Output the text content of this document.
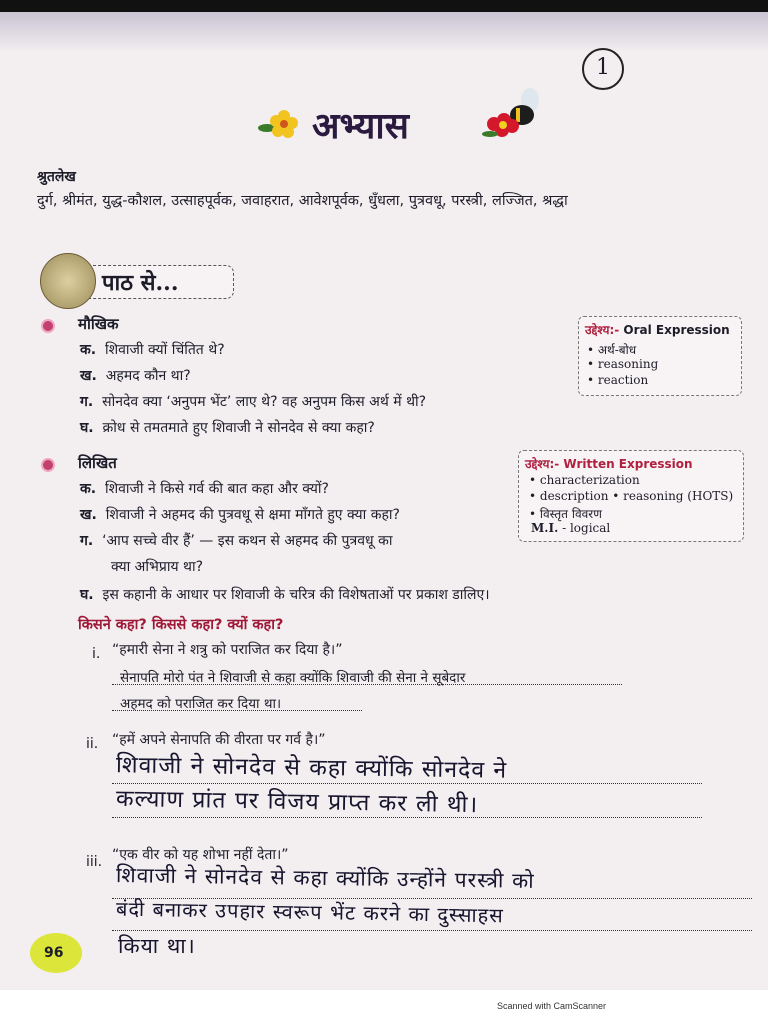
1
अभ्यास
श्रुतलेख
दुर्ग, श्रीमंत, युद्ध-कौशल, उत्साहपूर्वक, जवाहरात, आवेशपूर्वक, धुँधला, पुत्रवधू, परस्त्री, लज्जित, श्रद्धा
पाठ से...
मौखिक
क. शिवाजी क्यों चिंतित थे?
ख. अहमद कौन था?
ग. सोनदेव क्या ‘अनुपम भेंट’ लाए थे? वह अनुपम किस अर्थ में थी?
घ. क्रोध से तमतमाते हुए शिवाजी ने सोनदेव से क्या कहा?
उद्देश्य:- Oral Expression
• अर्थ-बोध
• reasoning
• reaction
लिखित
क. शिवाजी ने किसे गर्व की बात कहा और क्यों?
ख. शिवाजी ने अहमद की पुत्रवधू से क्षमा माँगते हुए क्या कहा?
ग. ‘आप सच्चे वीर हैं’ — इस कथन से अहमद की पुत्रवधू का
क्या अभिप्राय था?
घ. इस कहानी के आधार पर शिवाजी के चरित्र की विशेषताओं पर प्रकाश डालिए।
उद्देश्य:- Written Expression
• characterization
• description • reasoning (HOTS)
• विस्तृत विवरण
M.I. - logical
किसने कहा? किससे कहा? क्यों कहा?
i. “हमारी सेना ने शत्रु को पराजित कर दिया है।”
सेनापति मोरो पंत ने शिवाजी से कहा क्योंकि शिवाजी की सेना ने सूबेदार
अहमद को पराजित कर दिया था।
ii. “हमें अपने सेनापति की वीरता पर गर्व है।”
शिवाजी ने सोनदेव से कहा क्योंकि सोनदेव ने
कल्याण प्रांत पर विजय प्राप्त कर ली थी।
iii. “एक वीर को यह शोभा नहीं देता।”
शिवाजी ने सोनदेव से कहा क्योंकि उन्होंने परस्त्री को
बंदी बनाकर उपहार स्वरूप भेंट करने का दुस्साहस
किया था।
96
Scanned with CamScanner
